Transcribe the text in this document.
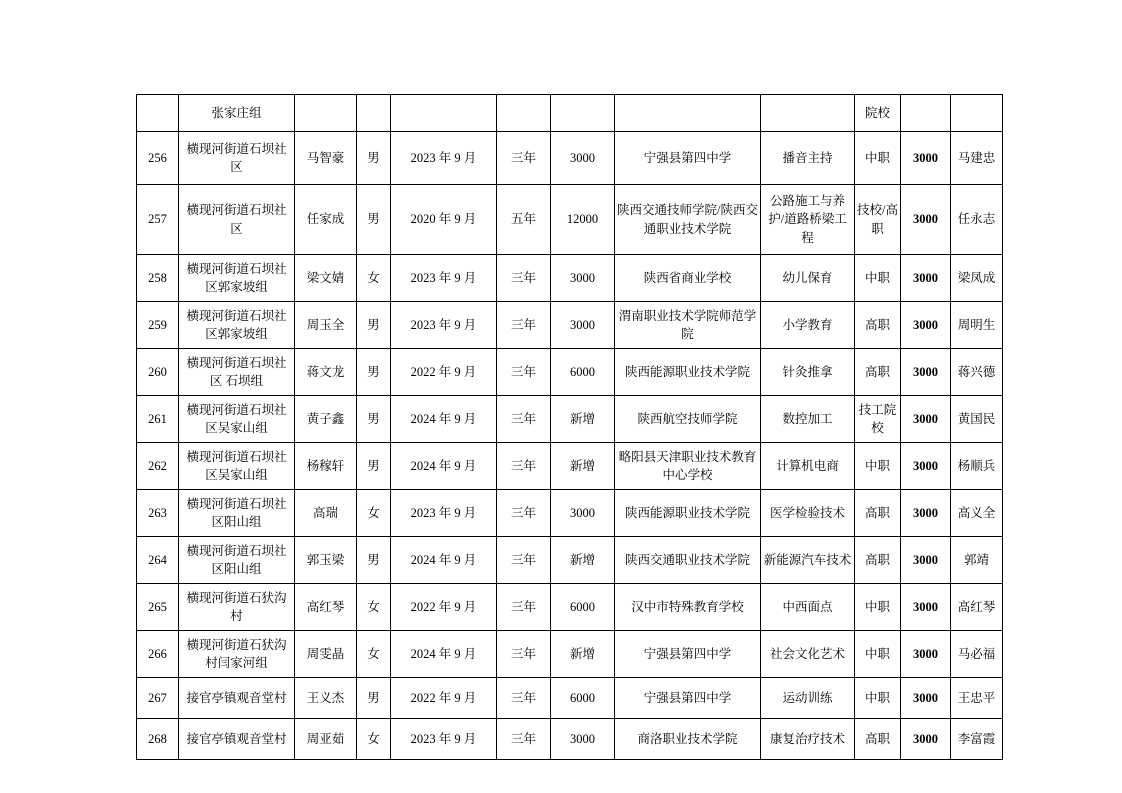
	张家庄组								院校		
256	横现河街道石坝社区	马智豪	男	2023 年 9 月	三年	3000	宁强县第四中学	播音主持	中职	3000	马建忠
257	横现河街道石坝社区	任家成	男	2020 年 9 月	五年	12000	陕西交通技师学院/陕西交通职业技术学院	公路施工与养护/道路桥梁工程	技校/高职	3000	任永志
258	横现河街道石坝社区郭家坡组	梁文婧	女	2023 年 9 月	三年	3000	陕西省商业学校	幼儿保育	中职	3000	梁凤成
259	横现河街道石坝社区郭家坡组	周玉全	男	2023 年 9 月	三年	3000	渭南职业技术学院师范学院	小学教育	高职	3000	周明生
260	横现河街道石坝社区 石坝组	蒋文龙	男	2022 年 9 月	三年	6000	陕西能源职业技术学院	针灸推拿	高职	3000	蒋兴德
261	横现河街道石坝社区吴家山组	黄子鑫	男	2024 年 9 月	三年	新增	陕西航空技师学院	数控加工	技工院校	3000	黄国民
262	横现河街道石坝社区吴家山组	杨稼轩	男	2024 年 9 月	三年	新增	略阳县天津职业技术教育中心学校	计算机电商	中职	3000	杨顺兵
263	横现河街道石坝社区阳山组	高瑞	女	2023 年 9 月	三年	3000	陕西能源职业技术学院	医学检验技术	高职	3000	高义全
264	横现河街道石坝社区阳山组	郭玉梁	男	2024 年 9 月	三年	新增	陕西交通职业技术学院	新能源汽车技术	高职	3000	郭靖
265	横现河街道石犾沟村	高红琴	女	2022 年 9 月	三年	6000	汉中市特殊教育学校	中西面点	中职	3000	高红琴
266	横现河街道石犾沟村闫家河组	周雯晶	女	2024 年 9 月	三年	新增	宁强县第四中学	社会文化艺术	中职	3000	马必福
267	接官亭镇观音堂村	王义杰	男	2022 年 9 月	三年	6000	宁强县第四中学	运动训练	中职	3000	王忠平
268	接官亭镇观音堂村	周亚茹	女	2023 年 9 月	三年	3000	商洛职业技术学院	康复治疗技术	高职	3000	李富霞
